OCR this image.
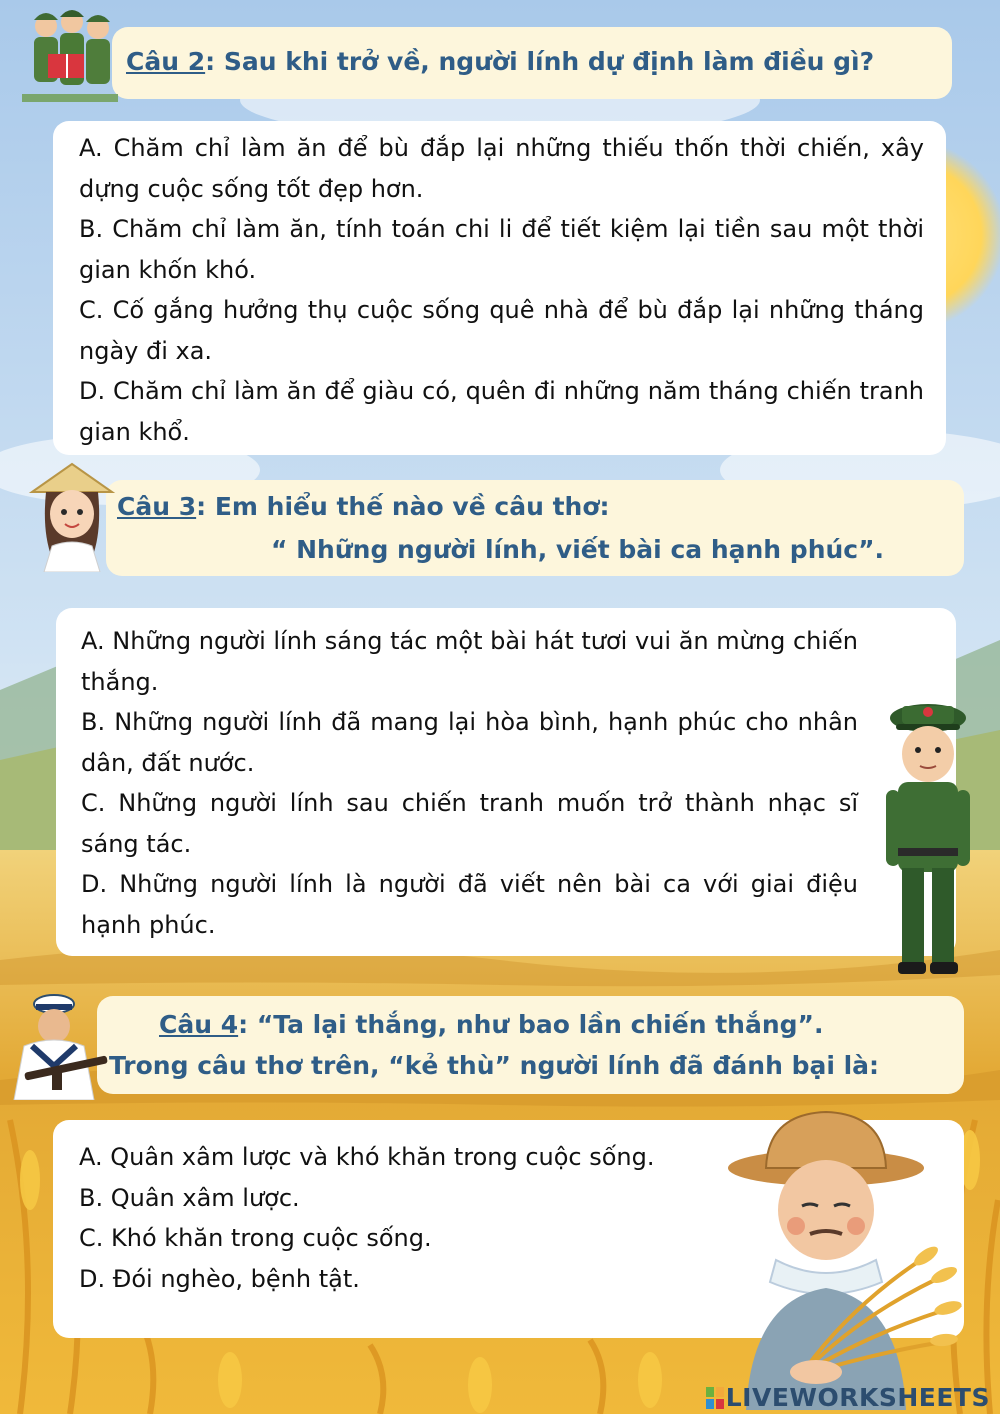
Câu 2: Sau khi trở về, người lính dự định làm điều gì?

A. Chăm chỉ làm ăn để bù đắp lại những thiếu thốn thời chiến, xây dựng cuộc sống tốt đẹp hơn.

B. Chăm chỉ làm ăn, tính toán chi li để tiết kiệm lại tiền sau một thời gian khốn khó.

C. Cố gắng hưởng thụ cuộc sống quê nhà để bù đắp lại những tháng ngày đi xa.

D. Chăm chỉ làm ăn để giàu có, quên đi những năm tháng chiến tranh gian khổ.

Câu 3: Em hiểu thế nào về câu thơ:
“ Những người lính, viết bài ca hạnh phúc”.

A. Những người lính sáng tác một bài hát tươi vui ăn mừng chiến thắng.

B. Những người lính đã mang lại hòa bình, hạnh phúc cho nhân dân, đất nước.

C. Những người lính sau chiến tranh muốn trở thành nhạc sĩ sáng tác.

D. Những người lính là người đã viết nên bài ca với giai điệu hạnh phúc.

Câu 4: “Ta lại thắng, như bao lần chiến thắng”.
Trong câu thơ trên, “kẻ thù” người lính đã đánh bại là:

A. Quân xâm lược và khó khăn trong cuộc sống.

B. Quân xâm lược.

C. Khó khăn trong cuộc sống.

D. Đói nghèo, bệnh tật.

LIVEWORKSHEETS
